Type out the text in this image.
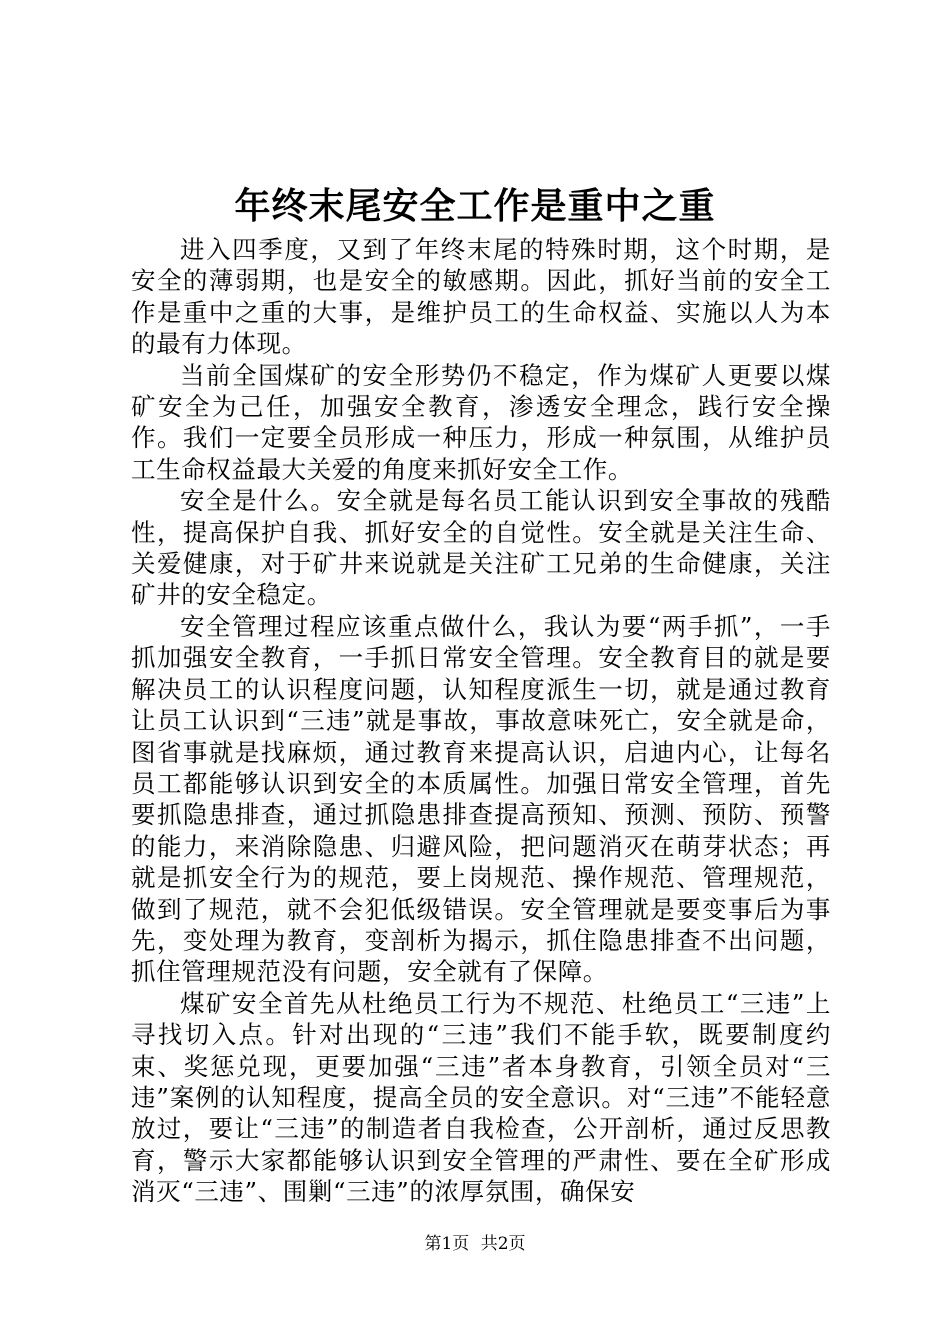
年终末尾安全工作是重中之重

进入四季度，又到了年终末尾的特殊时期，这个时期，是安全的薄弱期，也是安全的敏感期。因此，抓好当前的安全工作是重中之重的大事，是维护员工的生命权益、实施以人为本的最有力体现。

当前全国煤矿的安全形势仍不稳定，作为煤矿人更要以煤矿安全为己任，加强安全教育，渗透安全理念，践行安全操作。我们一定要全员形成一种压力，形成一种氛围，从维护员工生命权益最大关爱的角度来抓好安全工作。

安全是什么。安全就是每名员工能认识到安全事故的残酷性，提高保护自我、抓好安全的自觉性。安全就是关注生命、关爱健康，对于矿井来说就是关注矿工兄弟的生命健康，关注矿井的安全稳定。

安全管理过程应该重点做什么，我认为要“两手抓”，一手抓加强安全教育，一手抓日常安全管理。安全教育目的就是要解决员工的认识程度问题，认知程度派生一切，就是通过教育让员工认识到“三违”就是事故，事故意味死亡，安全就是命，图省事就是找麻烦，通过教育来提高认识，启迪内心，让每名员工都能够认识到安全的本质属性。加强日常安全管理，首先要抓隐患排查，通过抓隐患排查提高预知、预测、预防、预警的能力，来消除隐患、归避风险，把问题消灭在萌芽状态；再就是抓安全行为的规范，要上岗规范、操作规范、管理规范，做到了规范，就不会犯低级错误。安全管理就是要变事后为事先，变处理为教育，变剖析为揭示，抓住隐患排查不出问题，抓住管理规范没有问题，安全就有了保障。

煤矿安全首先从杜绝员工行为不规范、杜绝员工“三违”上寻找切入点。针对出现的“三违”我们不能手软，既要制度约束、奖惩兑现，更要加强“三违”者本身教育，引领全员对“三违”案例的认知程度，提高全员的安全意识。对“三违”不能轻意放过，要让“三违”的制造者自我检查，公开剖析，通过反思教育，警示大家都能够认识到安全管理的严肃性、要在全矿形成消灭“三违”、围剿“三违”的浓厚氛围，确保安

第1页 共2页
